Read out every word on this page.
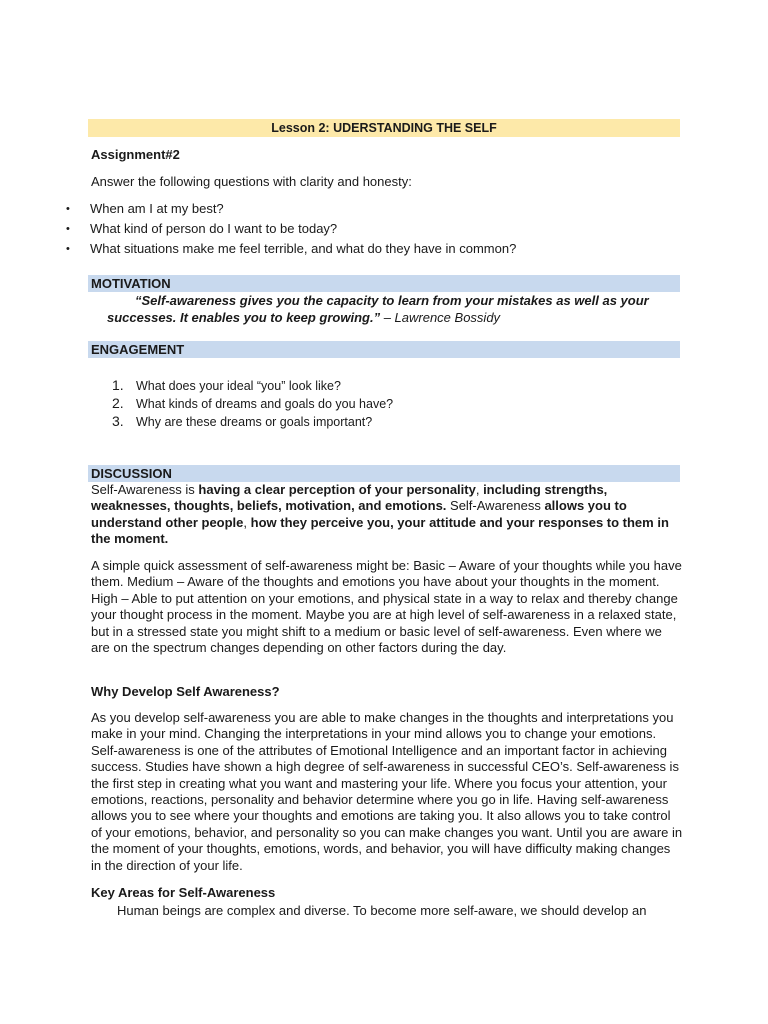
Lesson 2: UDERSTANDING THE SELF
Assignment#2
Answer the following questions with clarity and honesty:
• When am I at my best?
• What kind of person do I want to be today?
• What situations make me feel terrible, and what do they have in common?
MOTIVATION
“Self-awareness gives you the capacity to learn from your mistakes as well as your successes. It enables you to keep growing.” – Lawrence Bossidy
ENGAGEMENT
1. What does your ideal “you” look like?
2. What kinds of dreams and goals do you have?
3. Why are these dreams or goals important?
DISCUSSION
Self-Awareness is having a clear perception of your personality, including strengths, weaknesses, thoughts, beliefs, motivation, and emotions. Self-Awareness allows you to understand other people, how they perceive you, your attitude and your responses to them in the moment.
A simple quick assessment of self-awareness might be: Basic – Aware of your thoughts while you have them. Medium – Aware of the thoughts and emotions you have about your thoughts in the moment. High – Able to put attention on your emotions, and physical state in a way to relax and thereby change your thought process in the moment. Maybe you are at high level of self-awareness in a relaxed state, but in a stressed state you might shift to a medium or basic level of self-awareness. Even where we are on the spectrum changes depending on other factors during the day.
Why Develop Self Awareness?
As you develop self-awareness you are able to make changes in the thoughts and interpretations you make in your mind. Changing the interpretations in your mind allows you to change your emotions. Self-awareness is one of the attributes of Emotional Intelligence and an important factor in achieving success. Studies have shown a high degree of self-awareness in successful CEO’s. Self-awareness is the first step in creating what you want and mastering your life. Where you focus your attention, your emotions, reactions, personality and behavior determine where you go in life. Having self-awareness allows you to see where your thoughts and emotions are taking you. It also allows you to take control of your emotions, behavior, and personality so you can make changes you want. Until you are aware in the moment of your thoughts, emotions, words, and behavior, you will have difficulty making changes in the direction of your life.
Key Areas for Self-Awareness
Human beings are complex and diverse. To become more self-aware, we should develop an
